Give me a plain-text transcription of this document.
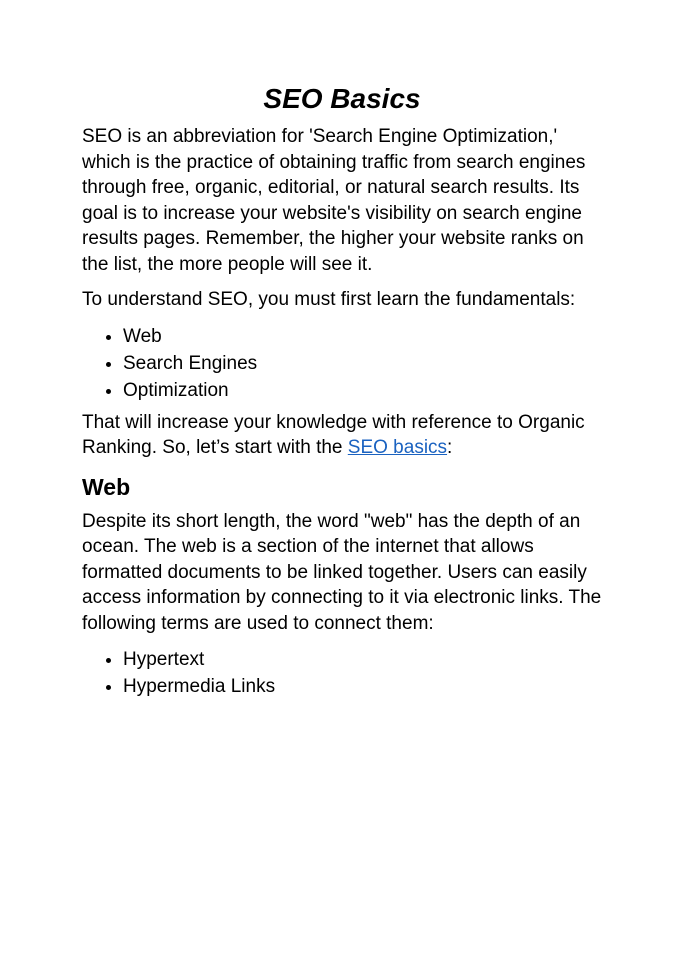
SEO Basics

SEO is an abbreviation for 'Search Engine Optimization,' which is the practice of obtaining traffic from search engines through free, organic, editorial, or natural search results. Its goal is to increase your website's visibility on search engine results pages. Remember, the higher your website ranks on the list, the more people will see it.

To understand SEO, you must first learn the fundamentals:

• Web
• Search Engines
• Optimization

That will increase your knowledge with reference to Organic Ranking. So, let’s start with the SEO basics:

Web

Despite its short length, the word "web" has the depth of an ocean. The web is a section of the internet that allows formatted documents to be linked together. Users can easily access information by connecting to it via electronic links. The following terms are used to connect them:

• Hypertext
• Hypermedia Links
